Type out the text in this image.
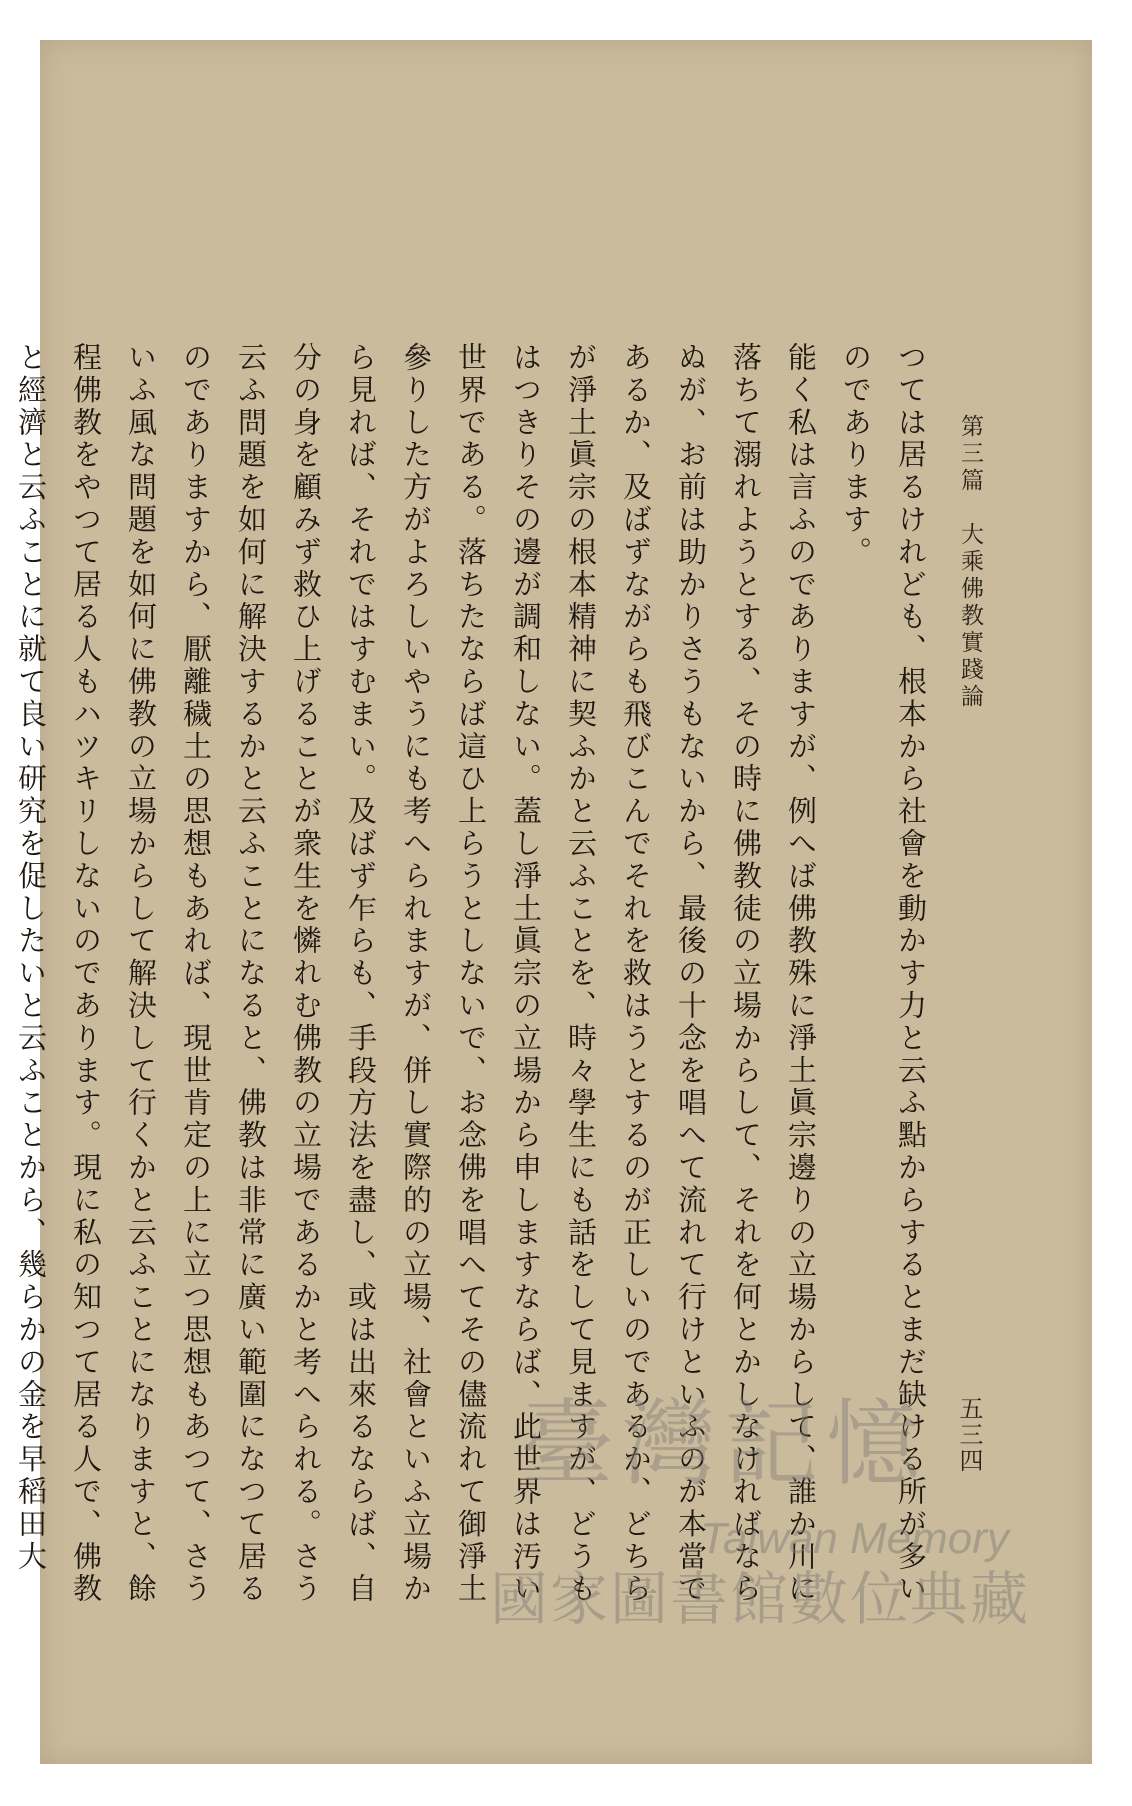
第三篇　大乘佛教實踐論
五三四

つては居るけれども、根本から社會を動かす力と云ふ點からするとまだ缺ける所が多いのであります。

能く私は言ふのでありますが、例へば佛教殊に淨土眞宗邊りの立場からして、誰か川に落ちて溺れようとする、その時に佛教徒の立場からして、それを何とかしなければならぬが、お前は助かりさうもないから、最後の十念を唱へて流れて行けといふのが本當であるか、及ばずながらも飛びこんでそれを救はうとするのが正しいのであるか、どちらが淨土眞宗の根本精神に契ふかと云ふことを、時々學生にも話をして見ますが、どうもはつきりその邊が調和しない。蓋し淨土眞宗の立場から申しますならば、此世界は汚い世界である。落ちたならば這ひ上らうとしないで、お念佛を唱へてその儘流れて御淨土參りした方がよろしいやうにも考へられますが、併し實際的の立場、社會といふ立場から見れば、それではすむまい。及ばず乍らも、手段方法を盡し、或は出來るならば、自分の身を顧みず救ひ上げることが衆生を憐れむ佛教の立場であるかと考へられる。さう云ふ問題を如何に解決するかと云ふことになると、佛教は非常に廣い範圍になつて居るのでありますから、厭離穢土の思想もあれば、現世肯定の上に立つ思想もあつて、さういふ風な問題を如何に佛教の立場からして解決して行くかと云ふことになりますと、餘程佛教をやつて居る人もハツキリしないのであります。現に私の知つて居る人で、佛教と經濟と云ふことに就て良い研究を促したいと云ふことから、幾らかの金を早稻田大	臺灣記憶
Taiwan Memory
國家圖書館數位典藏
